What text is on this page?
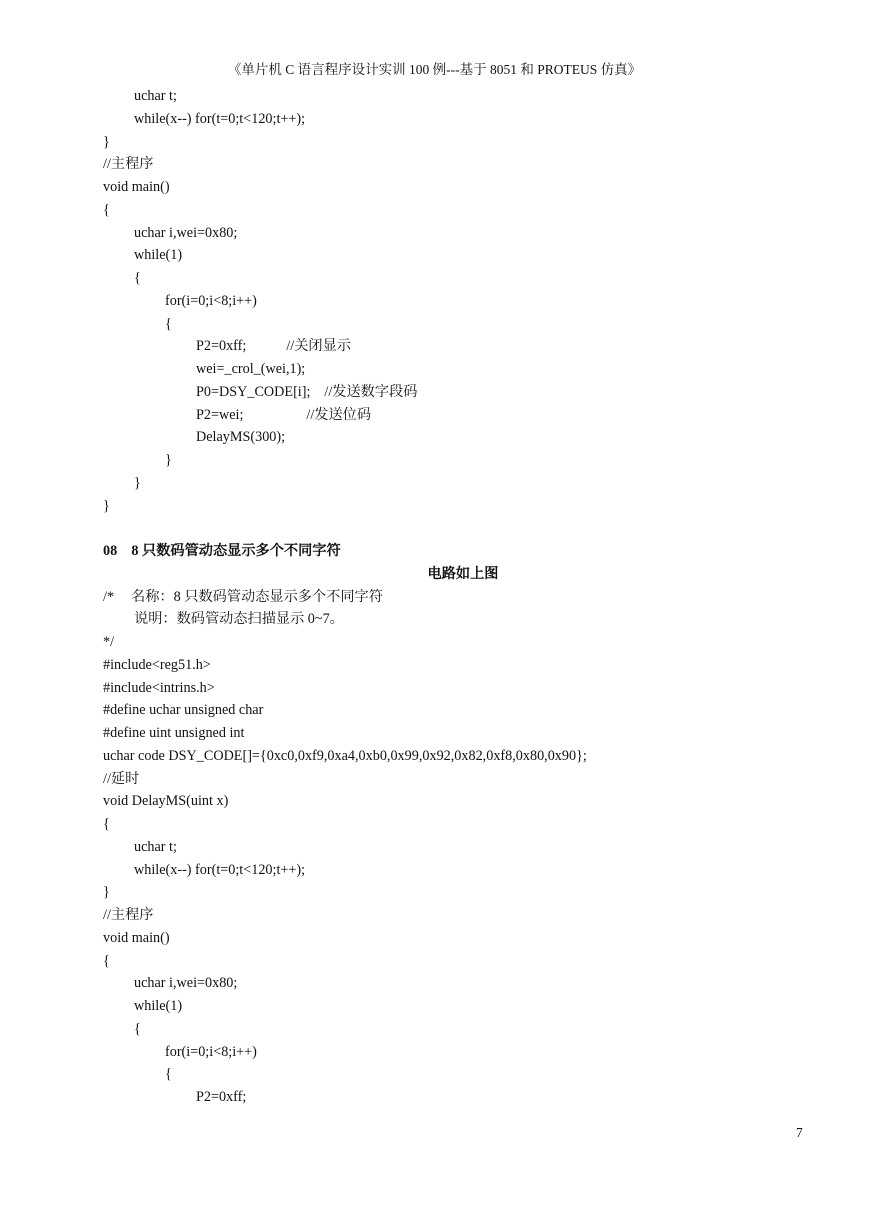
《单片机 C 语言程序设计实训 100 例---基于 8051 和 PROTEUS 仿真》
uchar t;
while(x--) for(t=0;t<120;t++);
}
//主程序
void main()
{
uchar i,wei=0x80;
while(1)
{
for(i=0;i<8;i++)
{
P2=0xff;	//关闭显示
wei=_crol_(wei,1);
P0=DSY_CODE[i]; //发送数字段码
P2=wei;	//发送位码
DelayMS(300);
}
}
}
08    8 只数码管动态显示多个不同字符
电路如上图
/* 名称：8 只数码管动态显示多个不同字符
说明：数码管动态扫描显示 0~7。
*/
#include<reg51.h>
#include<intrins.h>
#define uchar unsigned char
#define uint unsigned int
uchar code DSY_CODE[]={0xc0,0xf9,0xa4,0xb0,0x99,0x92,0x82,0xf8,0x80,0x90};
//延时
void DelayMS(uint x)
{
uchar t;
while(x--) for(t=0;t<120;t++);
}
//主程序
void main()
{
uchar i,wei=0x80;
while(1)
{
for(i=0;i<8;i++)
{
P2=0xff;
7
